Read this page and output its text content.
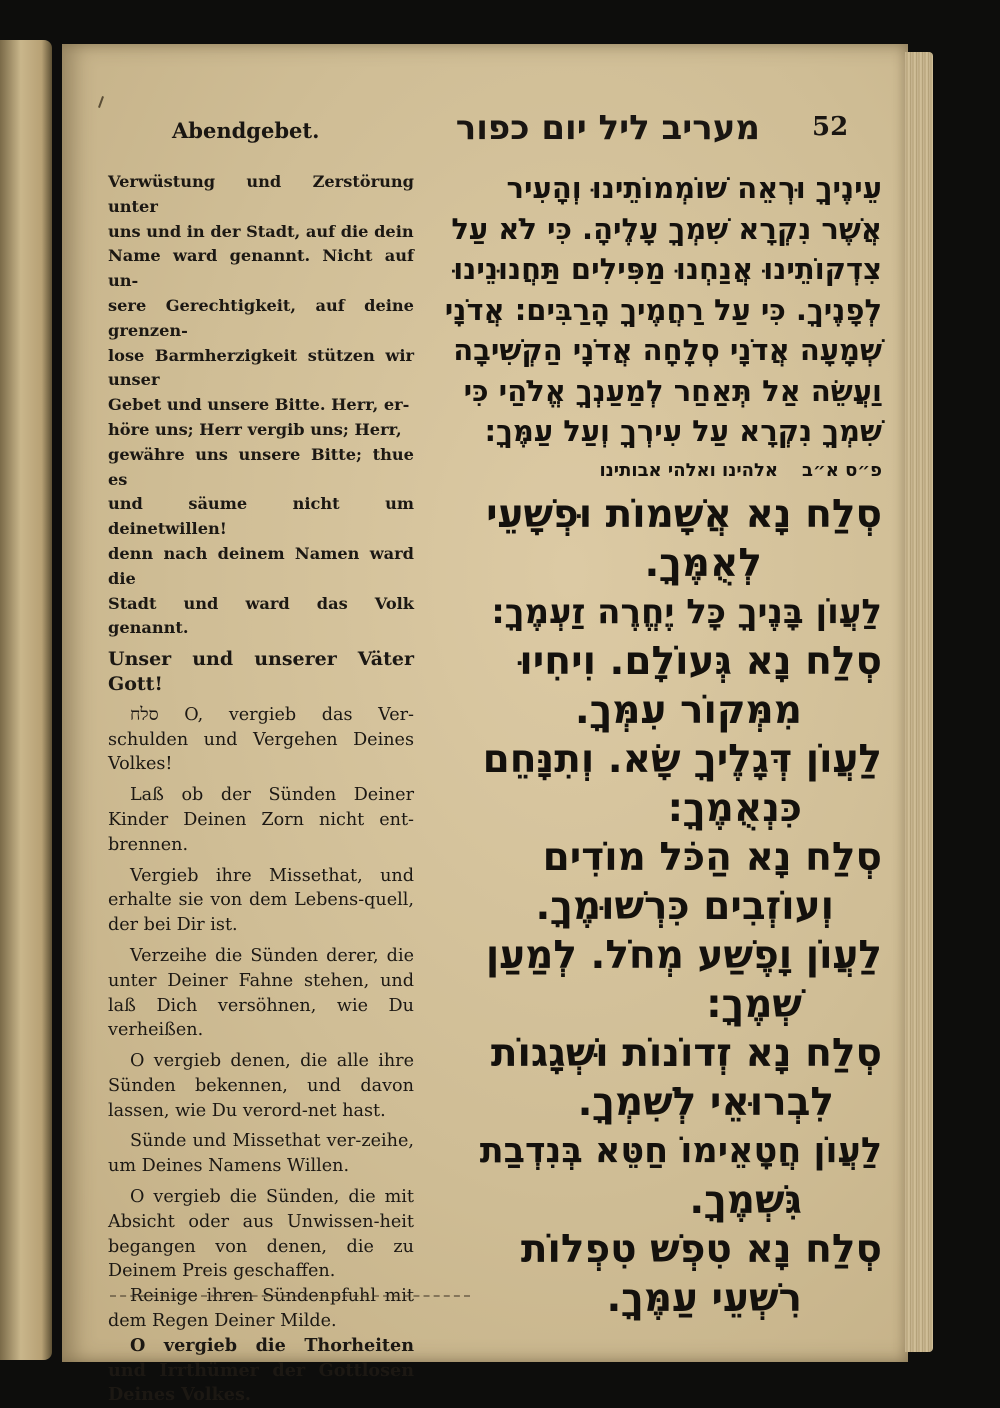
Abendgebet.	מעריב ליל יום כפור 52

Verwüstung und Zerstörung unter

uns und in der Stadt, auf die dein

Name ward genannt. Nicht auf un-

sere Gerechtigkeit, auf deine grenzen-

lose Barmherzigkeit stützen wir unser

Gebet und unsere Bitte. Herr, er-

höre uns; Herr vergib uns; Herr,

gewähre uns unsere Bitte; thue es

und säume nicht um deinetwillen!

denn nach deinem Namen ward die

Stadt und ward das Volk genannt.

Unser und unserer Väter Gott!

סלח O, vergieb das Ver-schulden und Vergehen Deines Volkes!

Laß ob der Sünden Deiner Kinder Deinen Zorn nicht ent-brennen.

Vergieb ihre Missethat, und erhalte sie von dem Lebens-quell, der bei Dir ist.

Verzeihe die Sünden derer, die unter Deiner Fahne stehen, und laß Dich versöhnen, wie Du verheißen.

O vergieb denen, die alle ihre Sünden bekennen, und davon lassen, wie Du verord-net hast.

Sünde und Missethat ver-zeihe, um Deines Namens Willen.

O vergieb die Sünden, die mit Absicht oder aus Unwissen-heit begangen von denen, die zu Deinem Preis geschaffen.

Reinige ihren Sündenpfuhl mit dem Regen Deiner Milde.

O vergieb die Thorheiten und Irrthümer der Gottlosen Deines Volkes.

עֵינֶיךָ וּרְאֵה שׁוֹמְמוֹתֵינוּ וְהָעִיר

אֲשֶׁר נִקְרָא שִׁמְךָ עָלֶיהָ. כִּי לֹא עַל

צִדְקוֹתֵינוּ אֲנַחְנוּ מַפִּילִים תַּחֲנוּנֵינוּ

לְפָנֶיךָ. כִּי עַל רַחֲמֶיךָ הָרַבִּים: אֲדֹנָי

שְׁמָעָה אֲדֹנָי סְלָחָה אֲדֹנָי הַקְשִׁיבָה

וַעֲשֵׂה אַל תְּאַחַר לְמַעַנְךָ אֱלֹהַי כִּי

שִׁמְךָ נִקְרָא עַל עִירְךָ וְעַל עַמֶּךָ:

פ״ס א״ב
אלהינו ואלהי אבותינו

סְלַח נָא אֲשָׁמוֹת וּפְשָׁעֵי

לְאֻמֶּךָ.

לַעֲוֹן בָּנֶיךָ כָּל יֶחֱרֶה זַעְמֶךָ:

סְלַח נָא גְּעוֹלָם. וִיחִיוּ

מִמְּקוֹר עִמְּךָ.

לַעֲוֹן דְּגָלֶיךָ שָׂא. וְתִנָּחֵם

כִּנְאֻמֶךָ:

סְלַח נָא הַכֹּל מוֹדִים

וְעוֹזְבִים כִּרְשׁוּמֶךָ.

לַעֲוֹן וָפֶשַׁע מְחֹל. לְמַעַן

שְׁמֶךָ:

סְלַח נָא זְדוֹנוֹת וּשְׁגָגוֹת

לִבְרוּאֵי לְשִׁמְךָ.

לַעֲוֹן חֲטָאֵימוֹ חַטֵּא בְּנִדְבַת

גִּשְׁמֶךָ.

סְלַח נָא טִפְשׁ טִפְלוֹת

רִשְׁעֵי עַמֶּךָ.
